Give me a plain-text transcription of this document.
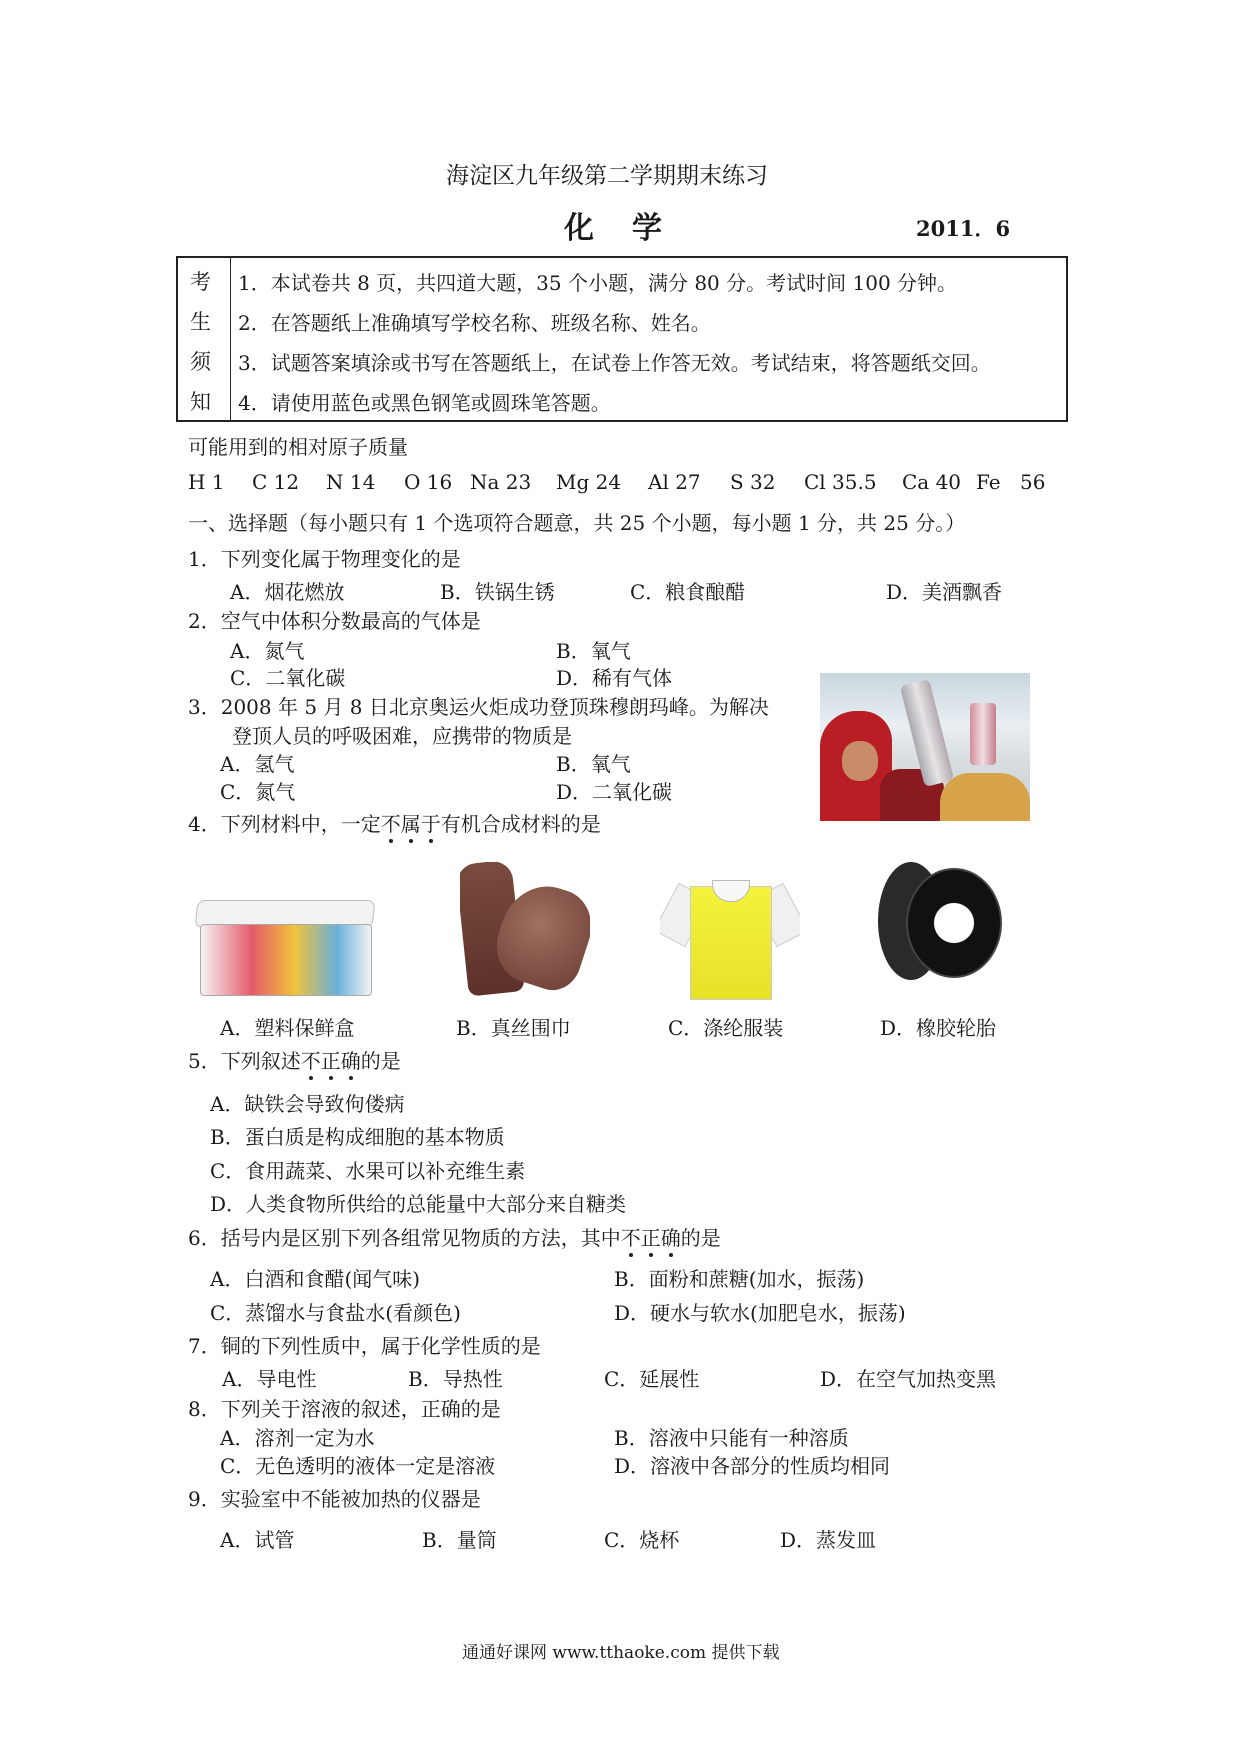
海淀区九年级第二学期期末练习
化学	2011．6
考
生
须
知
1．本试卷共 8 页，共四道大题，35 个小题，满分 80 分。考试时间 100 分钟。
2．在答题纸上准确填写学校名称、班级名称、姓名。
3．试题答案填涂或书写在答题纸上，在试卷上作答无效。考试结束，将答题纸交回。
4．请使用蓝色或黑色钢笔或圆珠笔答题。
可能用到的相对原子质量
H 1 C 12 N 14 O 16 Na 23 Mg 24 Al 27 S 32 Cl 35.5 Ca 40 Fe 56
一、选择题（每小题只有 1 个选项符合题意，共 25 个小题，每小题 1 分，共 25 分。）
1．下列变化属于物理变化的是
A．烟花燃放	B．铁锅生锈	C．粮食酿醋	D．美酒飘香
2．空气中体积分数最高的气体是
A．氮气	B．氧气
C．二氧化碳	D．稀有气体
3．2008 年 5 月 8 日北京奥运火炬成功登顶珠穆朗玛峰。为解决
登顶人员的呼吸困难，应携带的物质是
A．氢气	B．氧气
C．氮气	D．二氧化碳
4．下列材料中，一定不属于有机合成材料的是
A．塑料保鲜盒	B．真丝围巾	C．涤纶服装	D．橡胶轮胎
5．下列叙述不正确的是
A．缺铁会导致佝偻病
B．蛋白质是构成细胞的基本物质
C．食用蔬菜、水果可以补充维生素
D．人类食物所供给的总能量中大部分来自糖类
6．括号内是区别下列各组常见物质的方法，其中不正确的是
A．白酒和食醋(闻气味)	B．面粉和蔗糖(加水，振荡)
C．蒸馏水与食盐水(看颜色)	D．硬水与软水(加肥皂水，振荡)
7．铜的下列性质中，属于化学性质的是
A．导电性	B．导热性	C．延展性	D．在空气加热变黑
8．下列关于溶液的叙述，正确的是
A．溶剂一定为水	B．溶液中只能有一种溶质
C．无色透明的液体一定是溶液	D．溶液中各部分的性质均相同
9．实验室中不能被加热的仪器是
A．试管	B．量筒	C．烧杯	D．蒸发皿
通通好课网 www.tthaoke.com 提供下载
